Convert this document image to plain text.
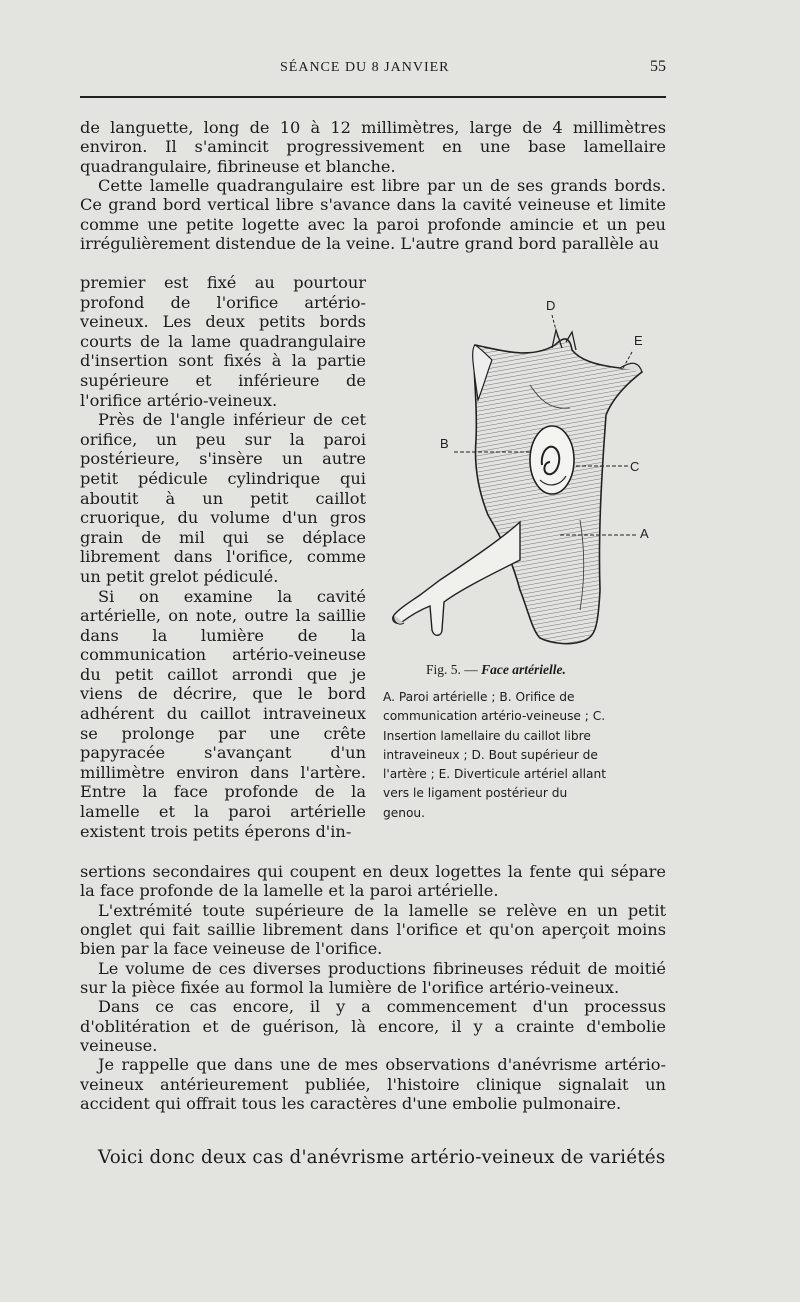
SÉANCE DU 8 JANVIER	55

de languette, long de 10 à 12 millimètres, large de 4 millimètres environ. Il s'amincit progressivement en une base lamellaire quadrangulaire, fibrineuse et blanche.

Cette lamelle quadrangulaire est libre par un de ses grands bords. Ce grand bord vertical libre s'avance dans la cavité veineuse et limite comme une petite logette avec la paroi profonde amincie et un peu irrégulièrement distendue de la veine. L'autre grand bord parallèle au

premier est fixé au pourtour profond de l'orifice artério-veineux. Les deux petits bords courts de la lame quadrangulaire d'insertion sont fixés à la partie supérieure et inférieure de l'orifice artério-veineux.

Près de l'angle inférieur de cet orifice, un peu sur la paroi postérieure, s'insère un autre petit pédicule cylindrique qui aboutit à un petit caillot cruorique, du volume d'un gros grain de mil qui se déplace librement dans l'orifice, comme un petit grelot pédiculé.

Si on examine la cavité artérielle, on note, outre la saillie dans la lumière de la communication artério-veineuse du petit caillot arrondi que je viens de décrire, que le bord adhérent du caillot intraveineux se prolonge par une crête papyracée s'avançant d'un millimètre environ dans l'artère. Entre la face profonde de la lamelle et la paroi artérielle existent trois petits éperons d'in-

D
E
B
C
A
Fig. 5. — Face artérielle.
A. Paroi artérielle ; B. Orifice de
communication artério-veineuse ; C.
Insertion lamellaire du caillot libre
intraveineux ; D. Bout supérieur de
l'artère ; E. Diverticule artériel allant
vers le ligament postérieur du
genou.

sertions secondaires qui coupent en deux logettes la fente qui sépare la face profonde de la lamelle et la paroi artérielle.

L'extrémité toute supérieure de la lamelle se relève en un petit onglet qui fait saillie librement dans l'orifice et qu'on aperçoit moins bien par la face veineuse de l'orifice.

Le volume de ces diverses productions fibrineuses réduit de moitié sur la pièce fixée au formol la lumière de l'orifice artério-veineux.

Dans ce cas encore, il y a commencement d'un processus d'oblitération et de guérison, là encore, il y a crainte d'embolie veineuse.

Je rappelle que dans une de mes observations d'anévrisme artério-veineux antérieurement publiée, l'histoire clinique signalait un accident qui offrait tous les caractères d'une embolie pulmonaire.

Voici donc deux cas d'anévrisme artério-veineux de variétés
